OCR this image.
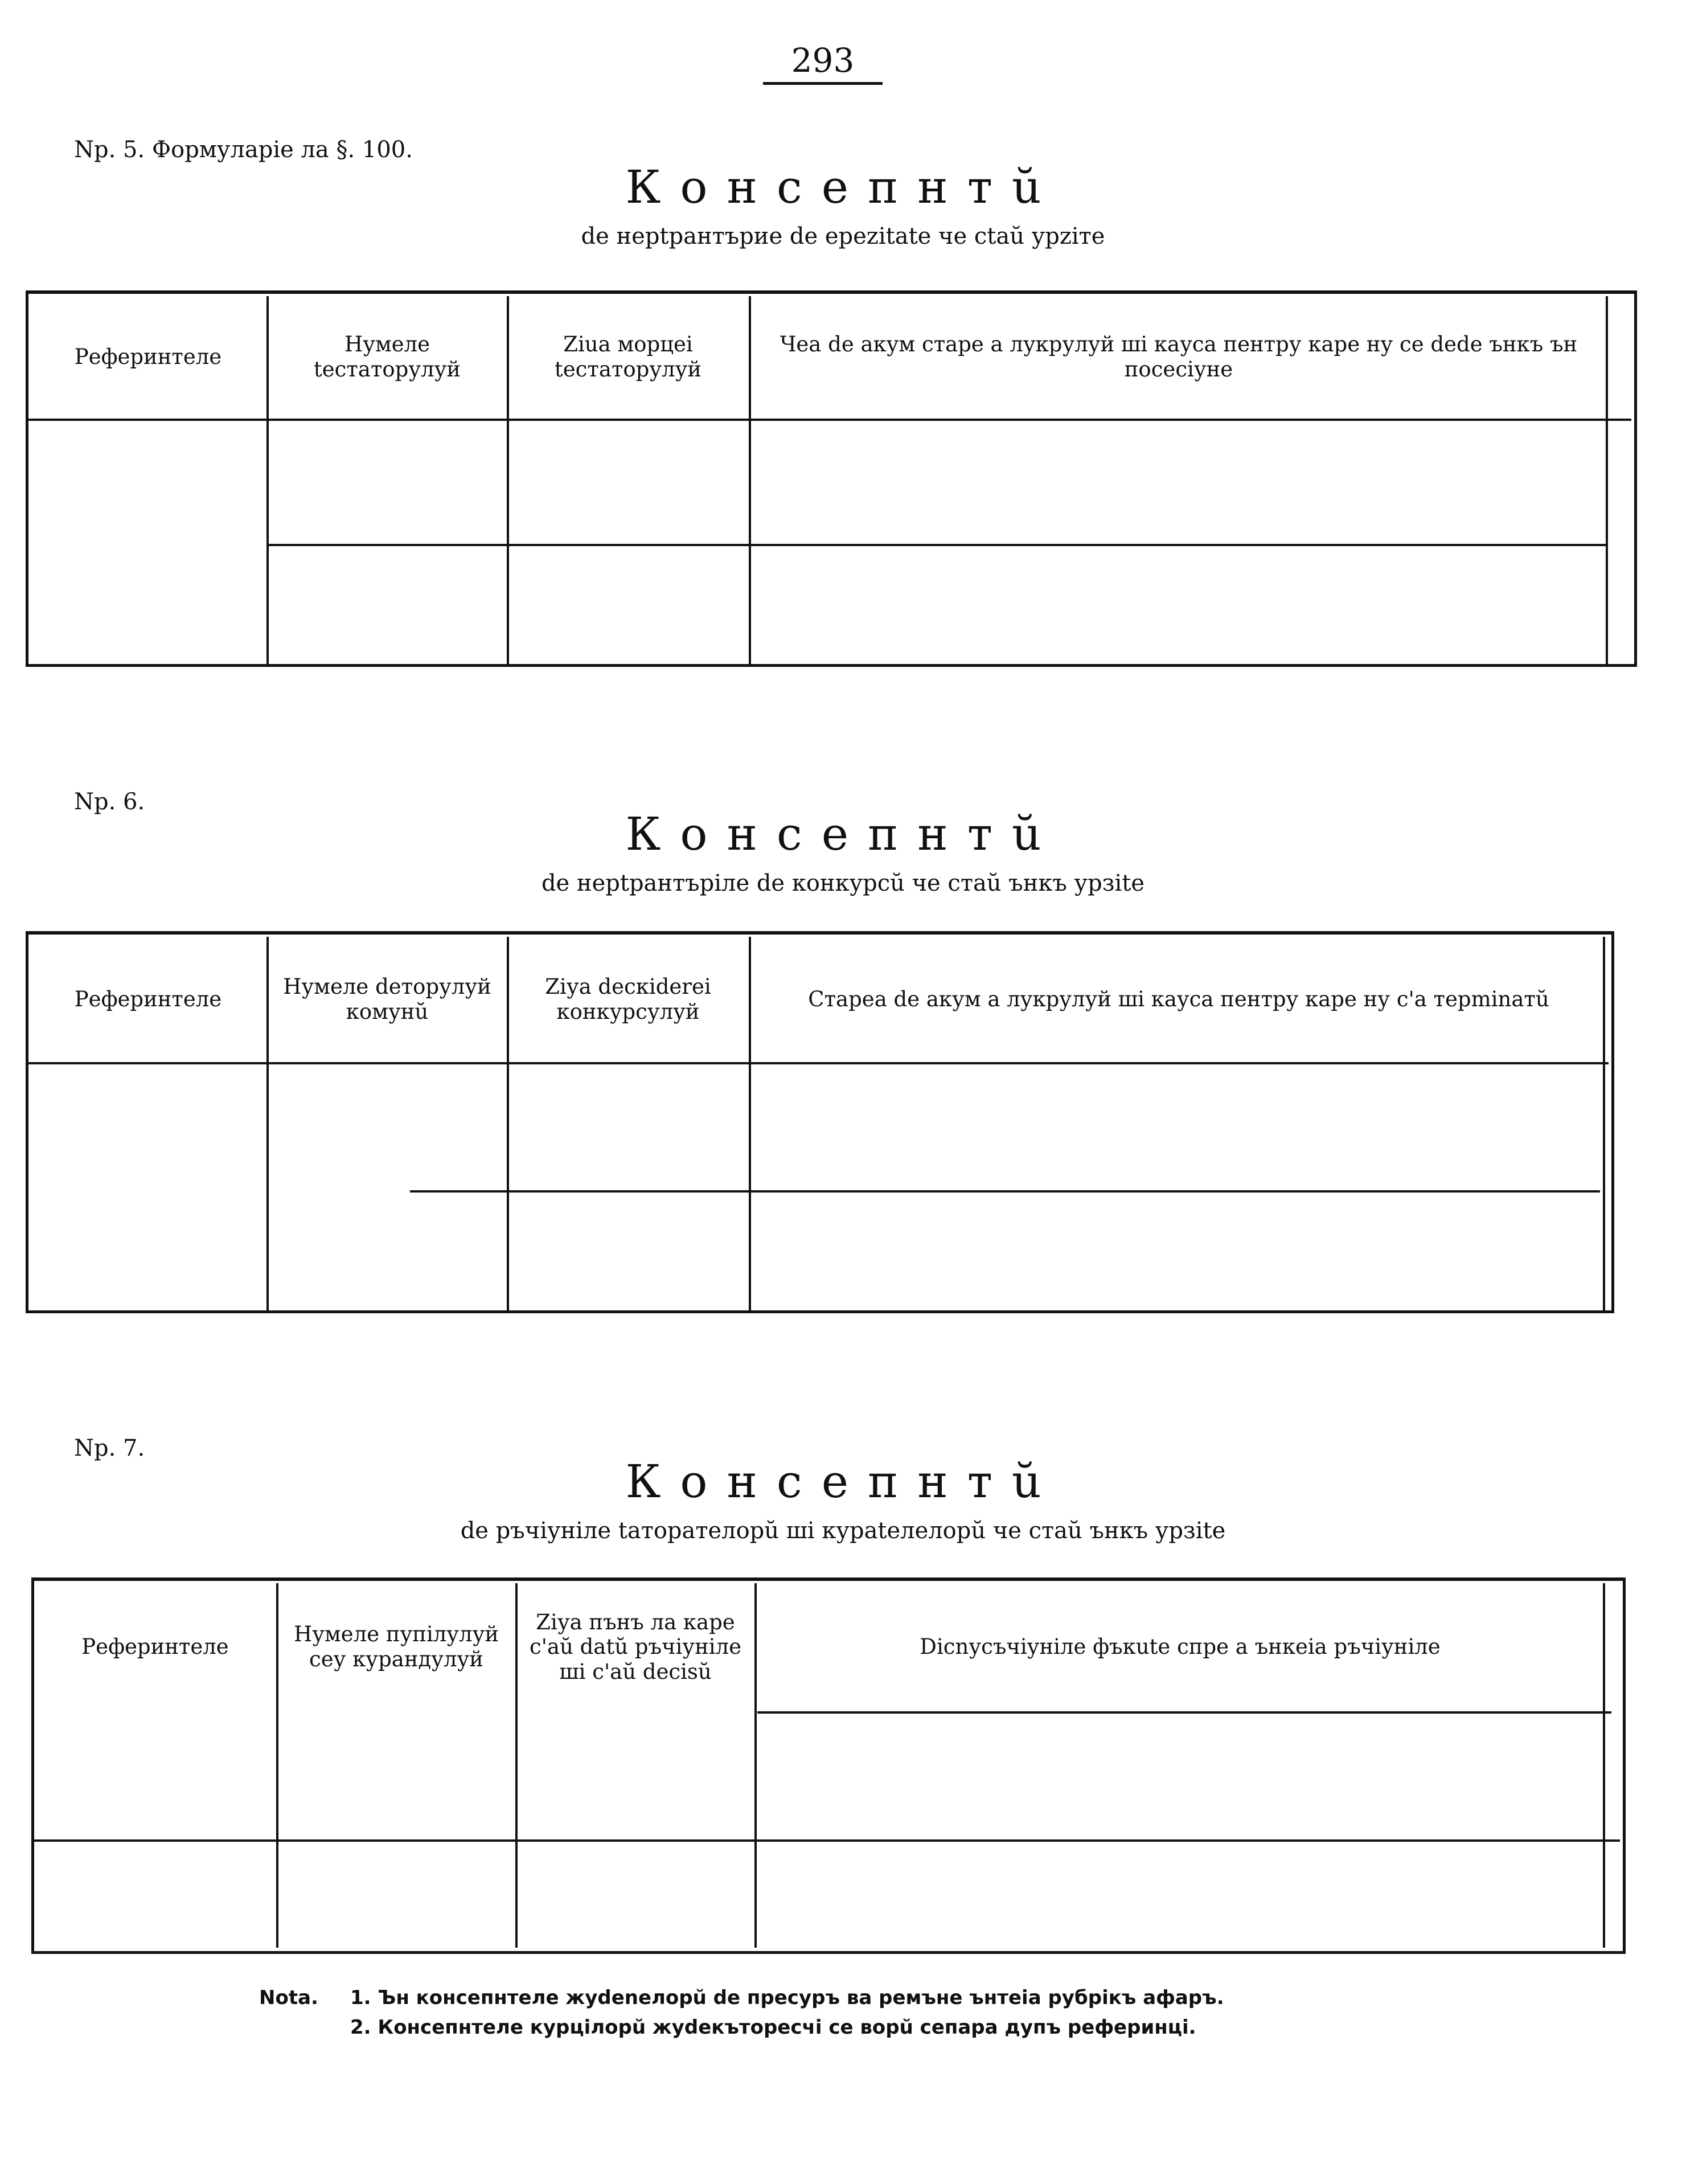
293
Nр. 5. Формуларіе ла §. 100.
Консепнтŭ
de нерtрантърие de ерezitate че сtаŭ урziте
Реферинтеле
Нумеле tестаторулуй
Ziuа морцеі tестаторулуй
Чеа de акум старе а лукрулуй ші кауса пентру каре ну се dede ънкъ ън посесіуне
Nр. 6.
Консепнтŭ
de нерtрантъріле de конкурсŭ че стаŭ ънкъ урзite
Реферинтеле
Нумеле dеторулуй комунŭ
Ziуа dескiderеі конкурсулуй
Старea de акум а лукрулуй ші кауса пентру каре ну с'а терminатŭ
Nр. 7.
Консепнтŭ
de ръчіуніле tаторателорŭ ші кураtелелорŭ че стаŭ ънкъ урзite
Реферинтеле
Нумеле пупілулуй сеу курандулуй
Ziуа пънъ ла каре с'аŭ datŭ ръчіуніле ші с'аŭ decisŭ
Dісnусъчіуніле фъкute спре а ънкеіа ръчіуніле
Nota. 1. Ън консепнтеле жуdеnелорŭ de пресуръ ва ремъне ънтеіа рубрікъ афаръ.
2. Консепнтеле курцілорŭ жуdекъторесчі се ворŭ сепара дупъ реферинці.
